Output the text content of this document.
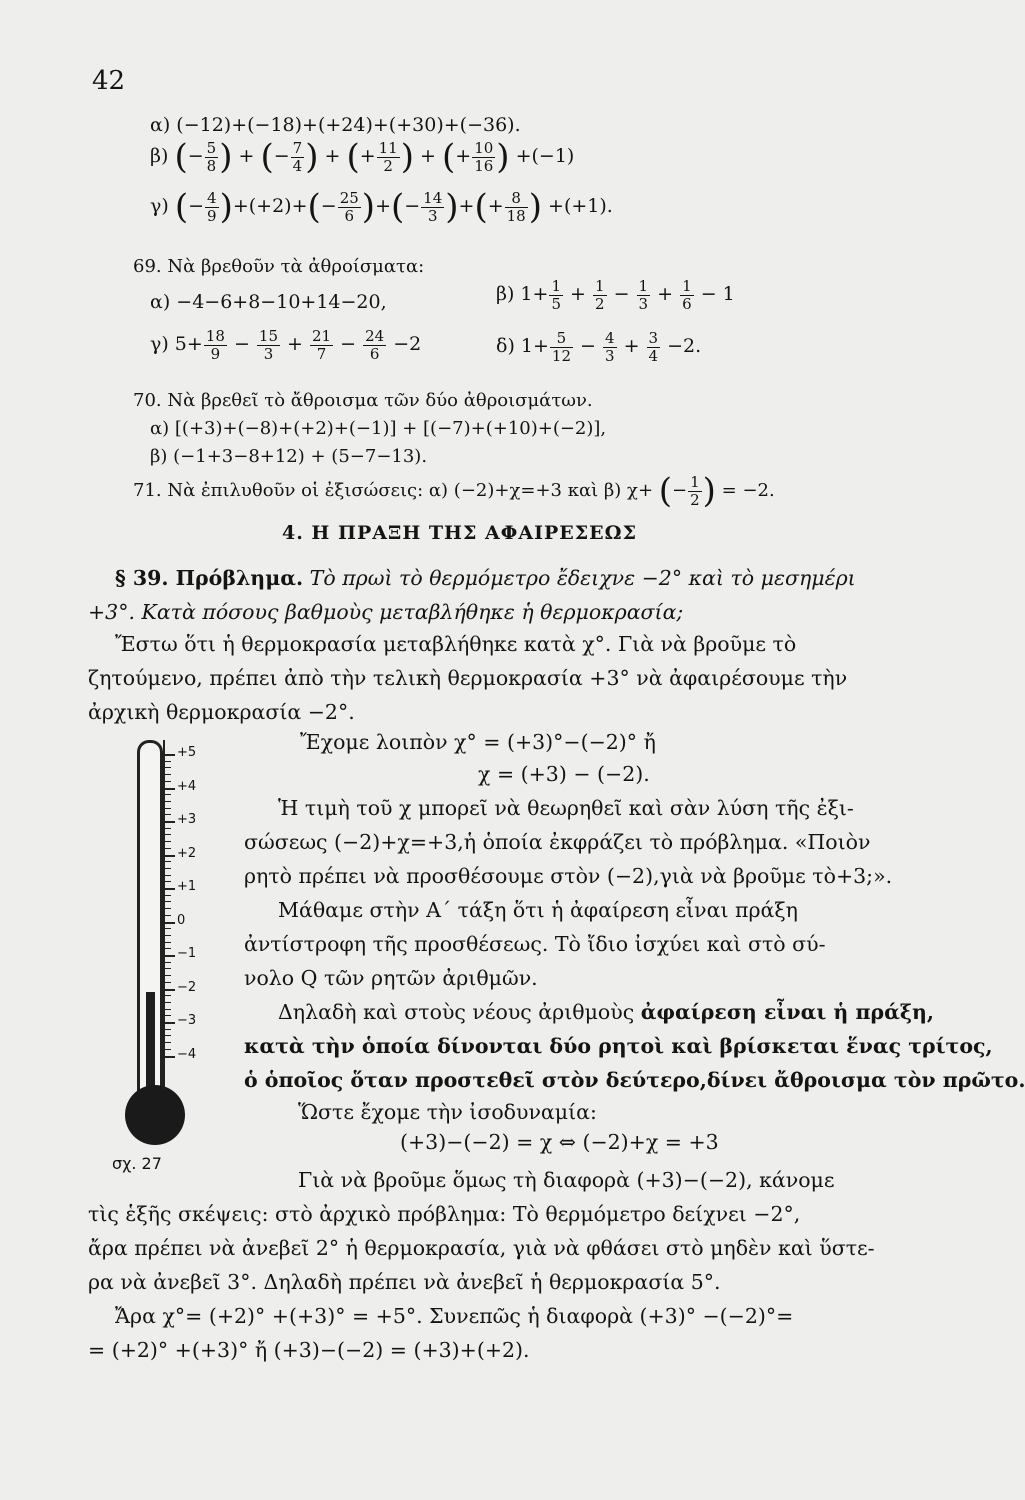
42
α) (−12)+(−18)+(+24)+(+30)+(−36).
β) (− $\frac{5}{8}$ ) + (− $\frac{7}{4}$ ) + (+ $\frac{11}{2}$ ) + (+ $\frac{10}{16}$ ) +(−1)
γ) (− $\frac{4}{9} )+(+2)+(- \frac{25}{6}$ )+(− $\frac{14}{3}$ )+(+ $\frac{8}{18}$ ) +(+1).
69. Νὰ βρεθοῦν τὰ ἀθροίσματα:
α) −4−6+8−10+14−20,	β) $1+ \frac{1}{5} + \frac{1}{2} - \frac{1}{3} + \frac{1}{6} - 1$
γ) $5+ \frac{18}{9} - \frac{15}{3} + \frac{21}{7} - \frac{24}{6} -2$	δ) $1+ \frac{5}{12} - \frac{4}{3} + \frac{3}{4} -2$.
70. Νὰ βρεθεῖ τὸ ἄθροισμα τῶν δύο ἀθροισμάτων.
α) [(+3)+(−8)+(+2)+(−1)] + [(−7)+(+10)+(−2)],
β) (−1+3−8+12) + (5−7−13).
71. Νὰ ἐπιλυθοῦν οἱ ἐξισώσεις: α) (−2)+χ=+3 καὶ β) χ+ (− $\frac{1}{2}$ ) = −2.
4. Η ΠΡΑΞΗ ΤΗΣ ΑΦΑΙΡΕΣΕΩΣ
§ 39. Πρόβλημα. Τὸ πρωὶ τὸ θερμόμετρο ἔδειχνε −2° καὶ τὸ μεσημέρι
+3°. Κατὰ πόσους βαθμοὺς μεταβλήθηκε ἡ θερμοκρασία;
Ἔστω ὅτι ἡ θερμοκρασία μεταβλήθηκε κατὰ χ°. Γιὰ νὰ βροῦμε τὸ
ζητούμενο, πρέπει ἀπὸ τὴν τελικὴ θερμοκρασία +3° νὰ ἀφαιρέσουμε τὴν
ἀρχικὴ θερμοκρασία −2°.
Ἔχομε λοιπὸν χ° = (+3)°−(−2)° ἤ
χ = (+3) − (−2).
Ἡ τιμὴ τοῦ χ μπορεῖ νὰ θεωρηθεῖ καὶ σὰν λύση τῆς ἐξι-
σώσεως (−2)+χ=+3,ἡ ὁποία ἐκφράζει τὸ πρόβλημα. «Ποιὸν
ρητὸ πρέπει νὰ προσθέσουμε στὸν (−2),γιὰ νὰ βροῦμε τὸ+3;».
Μάθαμε στὴν Α΄ τάξη ὅτι ἡ ἀφαίρεση εἶναι πράξη
ἀντίστροφη τῆς προσθέσεως. Τὸ ἴδιο ἰσχύει καὶ στὸ σύ-
νολο Q τῶν ρητῶν ἀριθμῶν.
Δηλαδὴ καὶ στοὺς νέους ἀριθμοὺς ἀφαίρεση εἶναι ἡ πράξη,
κατὰ τὴν ὁποία δίνονται δύο ρητοὶ καὶ βρίσκεται ἕνας τρίτος,
ὁ ὁποῖος ὅταν προστεθεῖ στὸν δεύτερο,δίνει ἄθροισμα τὸν πρῶτο.
Ὥστε ἔχομε τὴν ἰσοδυναμία:
(+3)−(−2) = χ ⇔ (−2)+χ = +3
Γιὰ νὰ βροῦμε ὅμως τὴ διαφορὰ (+3)−(−2), κάνομε
τὶς ἑξῆς σκέψεις: στὸ ἀρχικὸ πρόβλημα: Τὸ θερμόμετρο δείχνει −2°,
ἄρα πρέπει νὰ ἀνεβεῖ 2° ἡ θερμοκρασία, γιὰ νὰ φθάσει στὸ μηδὲν καὶ ὕστε-
ρα νὰ ἀνεβεῖ 3°. Δηλαδὴ πρέπει νὰ ἀνεβεῖ ἡ θερμοκρασία 5°.
Ἄρα χ°= (+2)° +(+3)° = +5°. Συνεπῶς ἡ διαφορὰ (+3)° −(−2)°=
= (+2)° +(+3)° ἤ (+3)−(−2) = (+3)+(+2).
+5
+4
+3
+2
+1
0
−1
−2
−3
−4
σχ. 27
